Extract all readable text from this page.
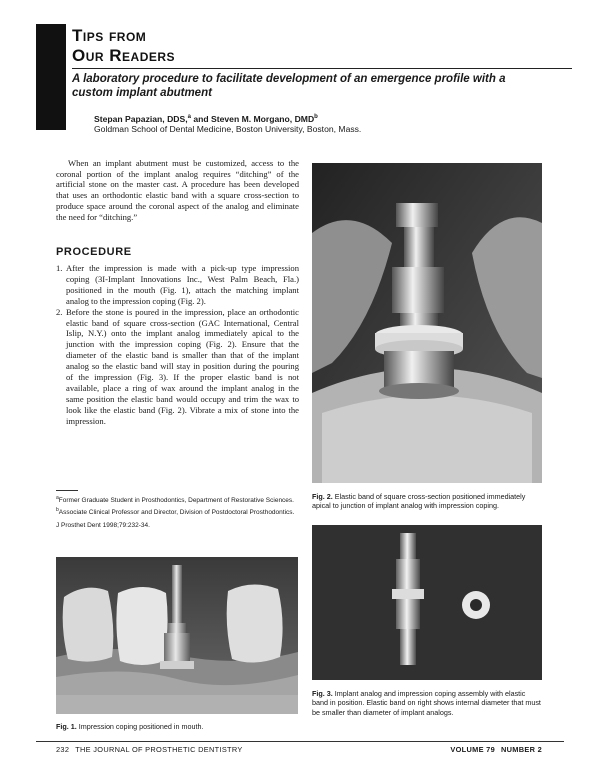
Tips from
Our Readers
A laboratory procedure to facilitate development of an emergence profile with a custom implant abutment
Stepan Papazian, DDS,$^a$ and Steven M. Morgano, DMD$^b$
Goldman School of Dental Medicine, Boston University, Boston, Mass.

When an implant abutment must be customized, access to the coronal portion of the implant analog requires “ditching” of the artificial stone on the master cast. A procedure has been developed that uses an orthodontic elastic band with a square cross-section to produce space around the coronal aspect of the analog and eliminate the need for “ditching.”

PROCEDURE
1. After the impression is made with a pick-up type impression coping (3I-Implant Innovations Inc., West Palm Beach, Fla.) positioned in the mouth (Fig. 1), attach the matching implant analog to the impression coping (Fig. 2).
2. Before the stone is poured in the impression, place an orthodontic elastic band of square cross-section (GAC International, Central Islip, N.Y.) onto the implant analog immediately apical to the junction with the impression coping (Fig. 2). Ensure that the diameter of the elastic band is smaller than that of the implant analog so the elastic band will stay in position during the pouring of the impression (Fig. 3). If the proper elastic band is not available, place a ring of wax around the implant analog in the same position the elastic band would occupy and trim the wax to look like the elastic band (Fig. 2). Vibrate a mix of stone into the impression.
$^a$Former Graduate Student in Prosthodontics, Department of Restorative Sciences.
$^b$Associate Clinical Professor and Director, Division of Postdoctoral Prosthodontics.
J Prosthet Dent 1998;79:232-34.
Fig. 1. Impression coping positioned in mouth.
Fig. 2. Elastic band of square cross-section positioned immediately apical to junction of implant analog with impression coping.
Fig. 3. Implant analog and impression coping assembly with elastic band in position. Elastic band on right shows internal diameter that must be smaller than diameter of implant analogs.
232 THE JOURNAL OF PROSTHETIC DENTISTRY	VOLUME 79 NUMBER 2
